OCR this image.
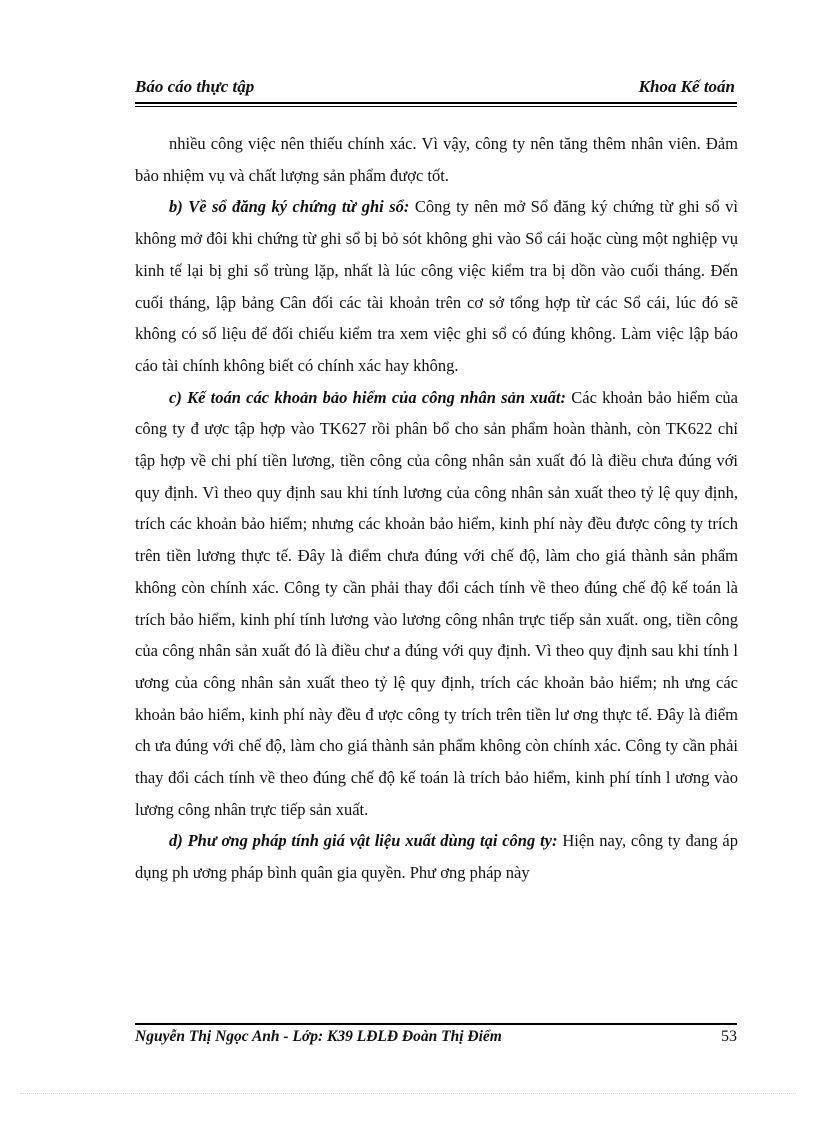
Báo cáo thực tập	Khoa Kế toán

nhiều công việc nên thiếu chính xác. Vì vậy, công ty nên tăng thêm nhân viên. Đảm bảo nhiệm vụ và chất lượng sản phẩm được tốt.

b) Về sổ đăng ký chứng từ ghi sổ: Công ty nên mở Sổ đăng ký chứng từ ghi sổ vì không mở đôi khi chứng từ ghi sổ bị bỏ sót không ghi vào Sổ cái hoặc cùng một nghiệp vụ kinh tế lại bị ghi sổ trùng lặp, nhất là lúc công việc kiểm tra bị dồn vào cuối tháng. Đến cuối tháng, lập bảng Cân đối các tài khoản trên cơ sở tổng hợp từ các Sổ cái, lúc đó sẽ không có số liệu để đối chiếu kiểm tra xem việc ghi sổ có đúng không. Làm việc lập báo cáo tài chính không biết có chính xác hay không.

c) Kế toán các khoản bảo hiểm của công nhân sản xuất: Các khoản bảo hiểm của công ty đ ược tập hợp vào TK627 rồi phân bổ cho sản phẩm hoàn thành, còn TK622 chỉ tập hợp về chi phí tiền lương, tiền công của công nhân sản xuất đó là điều chưa đúng với quy định. Vì theo quy định sau khi tính lương của công nhân sản xuất theo tỷ lệ quy định, trích các khoản bảo hiểm; nhưng các khoản bảo hiểm, kinh phí này đều được công ty trích trên tiền lương thực tế. Đây là điểm chưa đúng với chế độ, làm cho giá thành sản phẩm không còn chính xác. Công ty cần phải thay đổi cách tính về theo đúng chế độ kế toán là trích bảo hiểm, kinh phí tính lương vào lương công nhân trực tiếp sản xuất. ong, tiền công của công nhân sản xuất đó là điều chư a đúng với quy định. Vì theo quy định sau khi tính l ương của công nhân sản xuất theo tỷ lệ quy định, trích các khoản bảo hiểm; nh ưng các khoản bảo hiểm, kinh phí này đều đ ược công ty trích trên tiền lư ơng thực tế. Đây là điểm ch ưa đúng với chế độ, làm cho giá thành sản phẩm không còn chính xác. Công ty cần phải thay đổi cách tính về theo đúng chế độ kế toán là trích bảo hiểm, kinh phí tính l ương vào lương công nhân trực tiếp sản xuất.

d) Phư ơng pháp tính giá vật liệu xuất dùng tại công ty: Hiện nay, công ty đang áp dụng ph ương pháp bình quân gia quyền. Phư ơng pháp này

Nguyễn Thị Ngọc Anh - Lớp: K39 LĐLĐ Đoàn Thị Điểm	53
